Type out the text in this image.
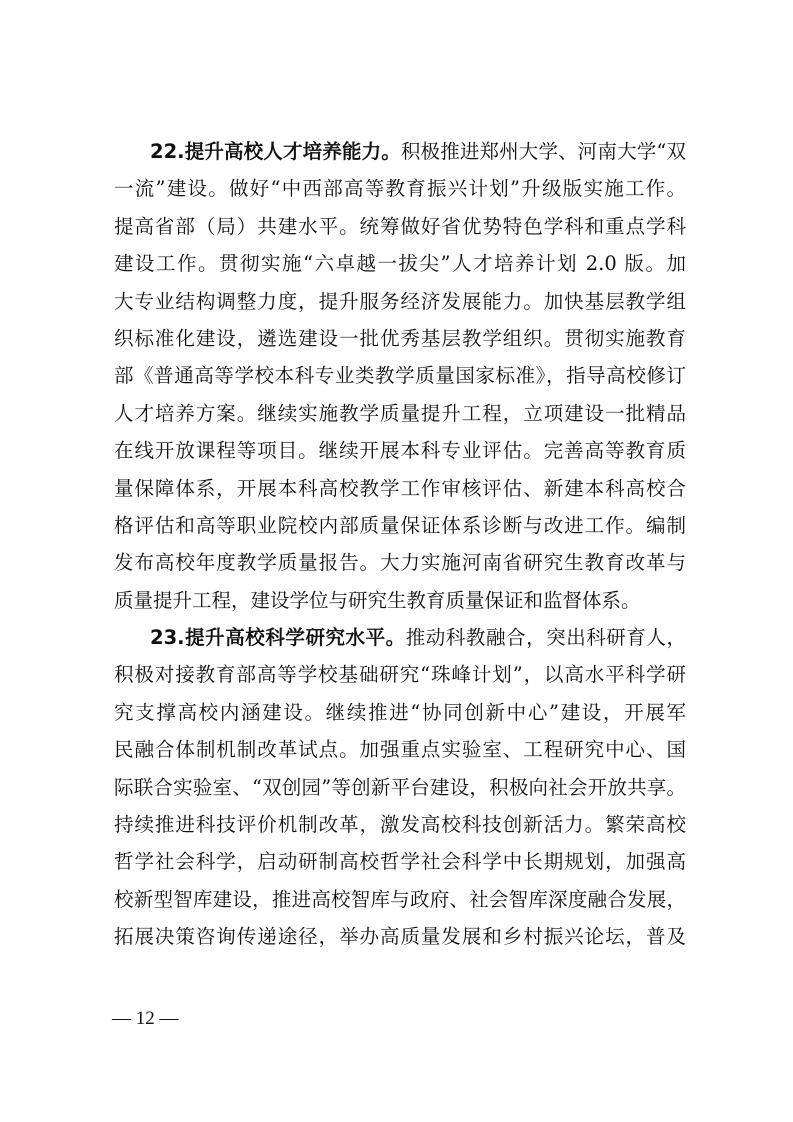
22.提升高校人才培养能力。积极推进郑州大学、河南大学“双
一流”建设。做好“中西部高等教育振兴计划”升级版实施工作。
提高省部（局）共建水平。统筹做好省优势特色学科和重点学科
建设工作。贯彻实施“六卓越一拔尖”人才培养计划 2.0 版。加
大专业结构调整力度，提升服务经济发展能力。加快基层教学组
织标准化建设，遴选建设一批优秀基层教学组织。贯彻实施教育
部《普通高等学校本科专业类教学质量国家标准》，指导高校修订
人才培养方案。继续实施教学质量提升工程，立项建设一批精品
在线开放课程等项目。继续开展本科专业评估。完善高等教育质
量保障体系，开展本科高校教学工作审核评估、新建本科高校合
格评估和高等职业院校内部质量保证体系诊断与改进工作。编制
发布高校年度教学质量报告。大力实施河南省研究生教育改革与
质量提升工程，建设学位与研究生教育质量保证和监督体系。
23.提升高校科学研究水平。推动科教融合，突出科研育人，
积极对接教育部高等学校基础研究“珠峰计划”，以高水平科学研
究支撑高校内涵建设。继续推进“协同创新中心”建设，开展军
民融合体制机制改革试点。加强重点实验室、工程研究中心、国
际联合实验室、“双创园”等创新平台建设，积极向社会开放共享。
持续推进科技评价机制改革，激发高校科技创新活力。繁荣高校
哲学社会科学，启动研制高校哲学社会科学中长期规划，加强高
校新型智库建设，推进高校智库与政府、社会智库深度融合发展，
拓展决策咨询传递途径，举办高质量发展和乡村振兴论坛，普及
— 12 —
